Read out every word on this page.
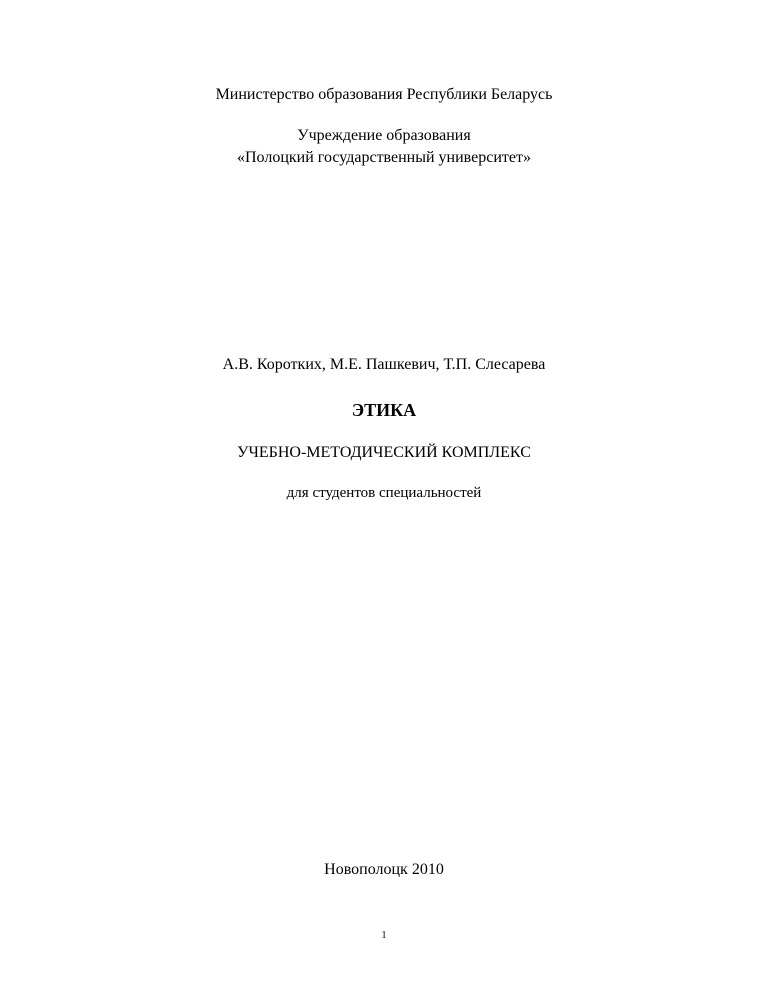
Министерство образования Республики Беларусь
Учреждение образования
«Полоцкий государственный университет»
А.В. Коротких, М.Е. Пашкевич, Т.П. Слесарева
ЭТИКА
УЧЕБНО-МЕТОДИЧЕСКИЙ КОМПЛЕКС
для студентов специальностей
Новополоцк 2010
1
